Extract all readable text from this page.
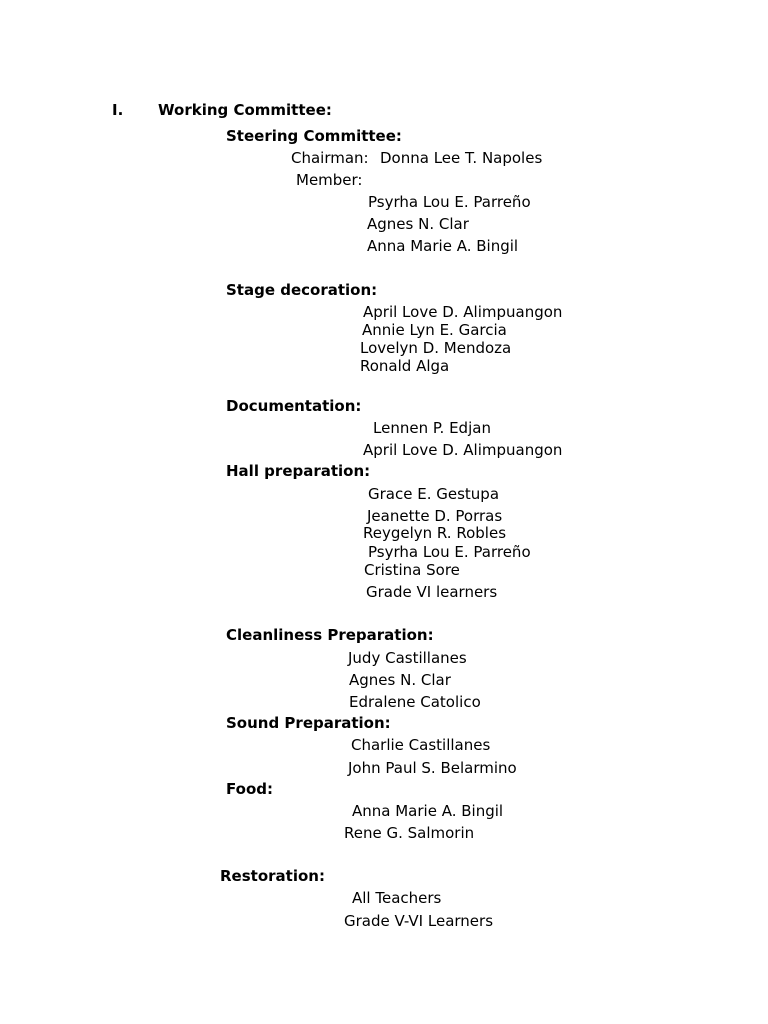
I. Working Committee:
Steering Committee:
Chairman: Donna Lee T. Napoles
Member:
Psyrha Lou E. Parreño
Agnes N. Clar
Anna Marie A. Bingil
Stage decoration:
April Love D. Alimpuangon
Annie Lyn E. Garcia
Lovelyn D. Mendoza
Ronald Alga
Documentation:
Lennen P. Edjan
April Love D. Alimpuangon
Hall preparation:
Grace E. Gestupa
Jeanette D. Porras
Reygelyn R. Robles
Psyrha Lou E. Parreño
Cristina Sore
Grade VI learners
Cleanliness Preparation:
Judy Castillanes
Agnes N. Clar
Edralene Catolico
Sound Preparation:
Charlie Castillanes
John Paul S. Belarmino
Food:
Anna Marie A. Bingil
Rene G. Salmorin
Restoration:
All Teachers
Grade V-VI Learners
